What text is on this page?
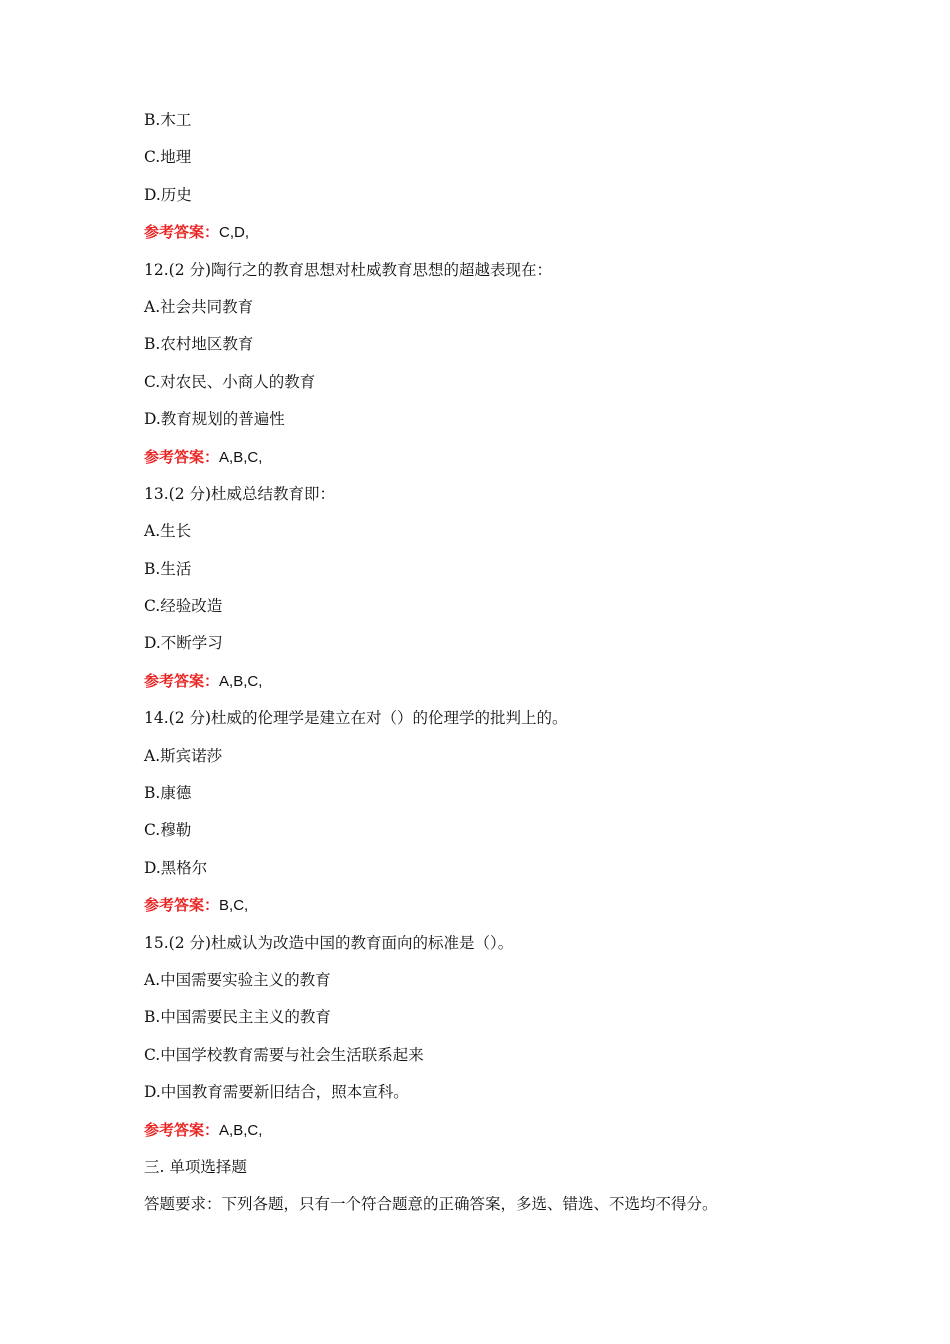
B.木工
C.地理
D.历史
参考答案：C,D,
12.(2 分)陶行之的教育思想对杜威教育思想的超越表现在：
A.社会共同教育
B.农村地区教育
C.对农民、小商人的教育
D.教育规划的普遍性
参考答案：A,B,C,
13.(2 分)杜威总结教育即：
A.生长
B.生活
C.经验改造
D.不断学习
参考答案：A,B,C,
14.(2 分)杜威的伦理学是建立在对（）的伦理学的批判上的。
A.斯宾诺莎
B.康德
C.穆勒
D.黑格尔
参考答案：B,C,
15.(2 分)杜威认为改造中国的教育面向的标准是（）。
A.中国需要实验主义的教育
B.中国需要民主主义的教育
C.中国学校教育需要与社会生活联系起来
D.中国教育需要新旧结合，照本宣科。
参考答案：A,B,C,
三. 单项选择题
答题要求：下列各题，只有一个符合题意的正确答案，多选、错选、不选均不得分。
